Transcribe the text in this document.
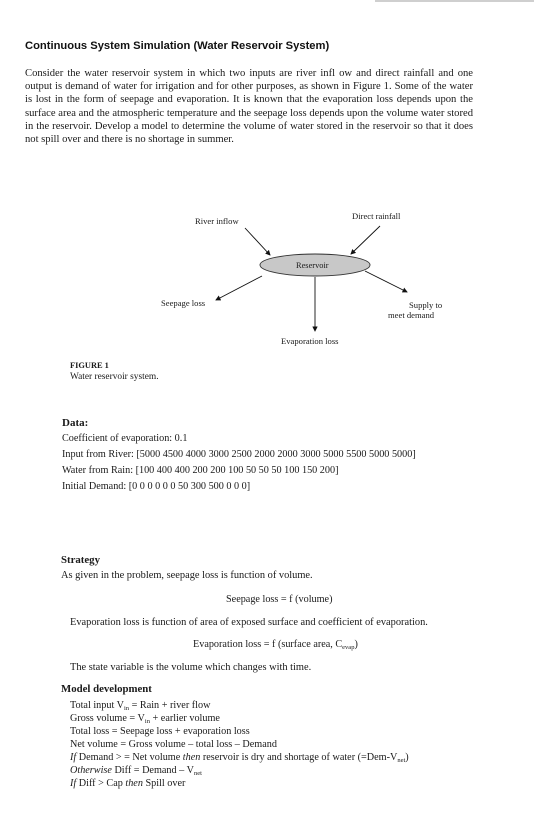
Continuous System Simulation (Water Reservoir System)
Consider the water reservoir system in which two inputs are river infl ow and direct rainfall and one output is demand of water for irrigation and for other purposes, as shown in Figure 1. Some of the water is lost in the form of seepage and evaporation. It is known that the evaporation loss depends upon the surface area and the atmospheric temperature and the seepage loss depends upon the volume water stored in the reservoir. Develop a model to determine the volume of water stored in the reservoir so that it does not spill over and there is no shortage in summer.
River inflow	Direct rainfall
Reservoir
Seepage loss	Supply to
meet demand
Evaporation loss
FIGURE 1
Water reservoir system.
Data:
Coefficient of evaporation: 0.1
Input from River: [5000 4500 4000 3000 2500 2000 2000 3000 5000 5500 5000 5000]
Water from Rain: [100 400 400 200 200 100 50 50 50 100 150 200]
Initial Demand: [0 0 0 0 0 0 50 300 500 0 0 0]
Strategy
As given in the problem, seepage loss is function of volume.
Seepage loss = f (volume)
Evaporation loss is function of area of exposed surface and coefficient of evaporation.
Evaporation loss = f (surface area, $C_{evap}$)
The state variable is the volume which changes with time.
Model development
Total input $V_{in}$ = Rain + river flow
Gross volume = $V_{in}$ + earlier volume
Total loss = Seepage loss + evaporation loss
Net volume = Gross volume – total loss – Demand
If Demand > = Net volume then reservoir is dry and shortage of water $(=Dem-V_{net})$
Otherwise Diff = Demand – $V_{net}$
If Diff > Cap then Spill over
